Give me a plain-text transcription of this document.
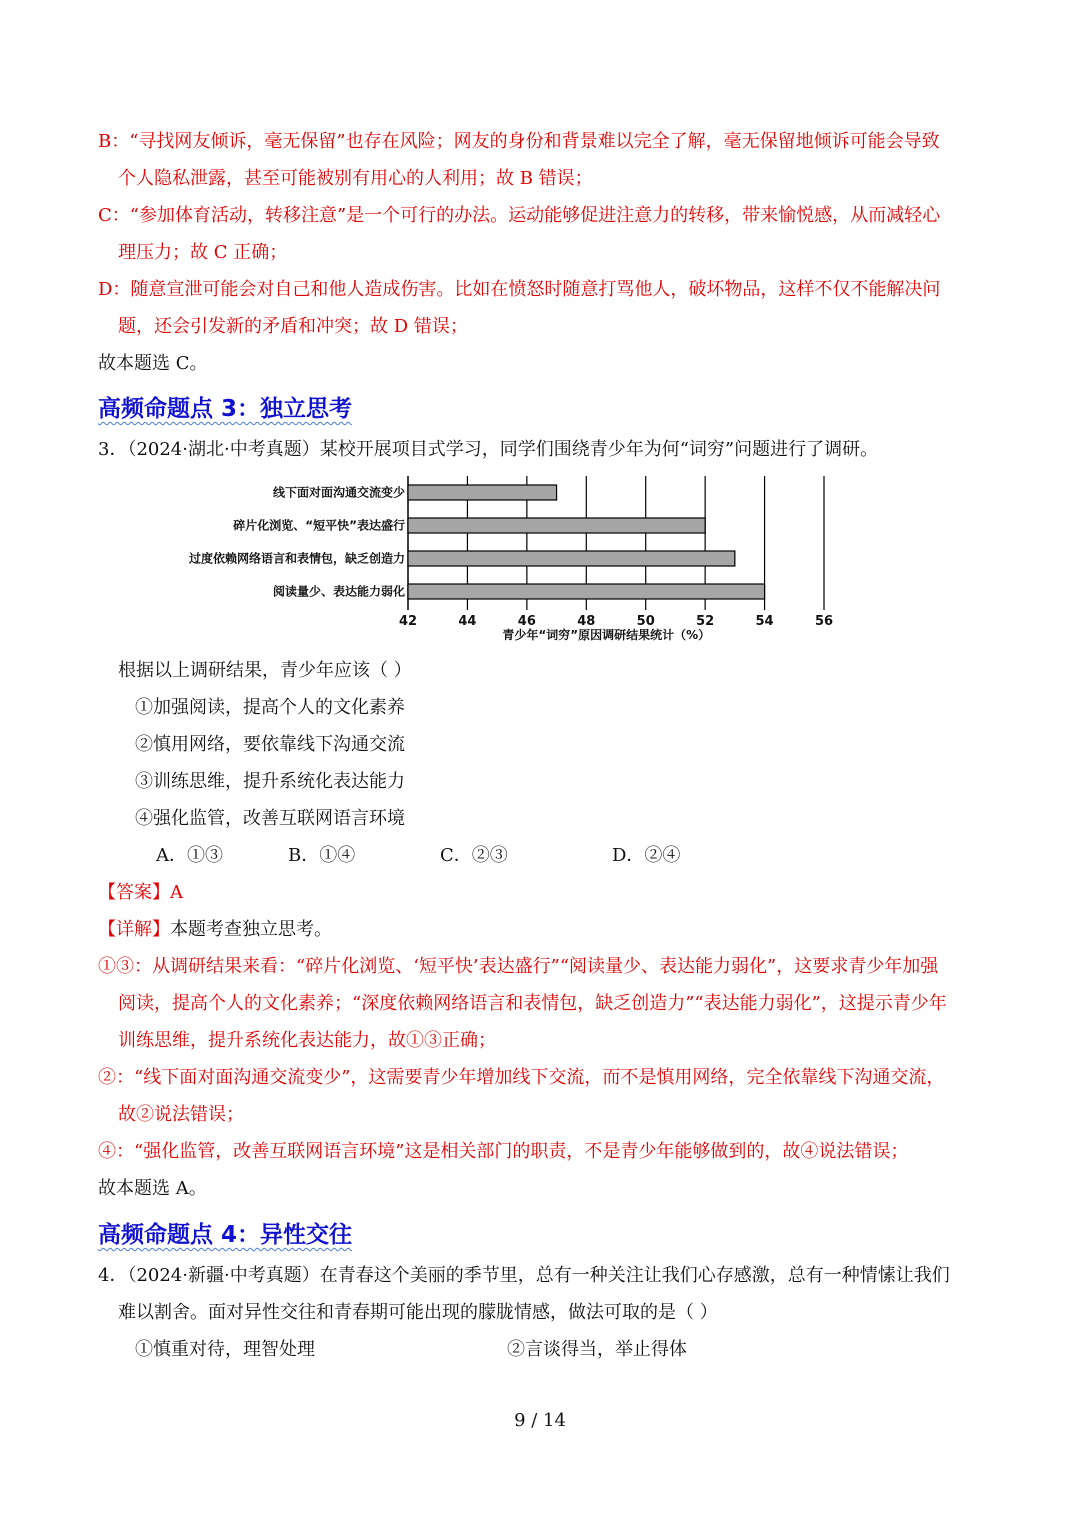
B：“寻找网友倾诉，毫无保留”也存在风险；网友的身份和背景难以完全了解，毫无保留地倾诉可能会导致
个人隐私泄露，甚至可能被别有用心的人利用；故 B 错误；
C：“参加体育活动，转移注意”是一个可行的办法。运动能够促进注意力的转移，带来愉悦感，从而减轻心
理压力；故 C 正确；
D：随意宣泄可能会对自己和他人造成伤害。比如在愤怒时随意打骂他人，破坏物品，这样不仅不能解决问
题，还会引发新的矛盾和冲突；故 D 错误；
故本题选 C。
高频命题点 3：独立思考
3．（2024·湖北·中考真题）某校开展项目式学习，同学们围绕青少年为何“词穷”问题进行了调研。
42	44	46	48	50	52	54	56
线下面对面沟通交流变少
碎片化浏览、“短平快”表达盛行
过度依赖网络语言和表情包，缺乏创造力
阅读量少、表达能力弱化
青少年“词穷”原因调研结果统计（%）
根据以上调研结果，青少年应该（ ）
①加强阅读，提高个人的文化素养
②慎用网络，要依靠线下沟通交流
③训练思维，提升系统化表达能力
④强化监管，改善互联网语言环境
A．①③	B．①④	C．②③	D．②④
【答案】A
【详解】本题考查独立思考。
①③：从调研结果来看：“碎片化浏览、‘短平快’表达盛行”“阅读量少、表达能力弱化”，这要求青少年加强
阅读，提高个人的文化素养；“深度依赖网络语言和表情包，缺乏创造力”“表达能力弱化”，这提示青少年
训练思维，提升系统化表达能力，故①③正确；
②：“线下面对面沟通交流变少”，这需要青少年增加线下交流，而不是慎用网络，完全依靠线下沟通交流，
故②说法错误；
④：“强化监管，改善互联网语言环境”这是相关部门的职责，不是青少年能够做到的，故④说法错误；
故本题选 A。
高频命题点 4：异性交往
4．（2024·新疆·中考真题）在青春这个美丽的季节里，总有一种关注让我们心存感激，总有一种情愫让我们
难以割舍。面对异性交往和青春期可能出现的朦胧情感，做法可取的是（ ）
①慎重对待，理智处理	②言谈得当，举止得体
9 / 14
